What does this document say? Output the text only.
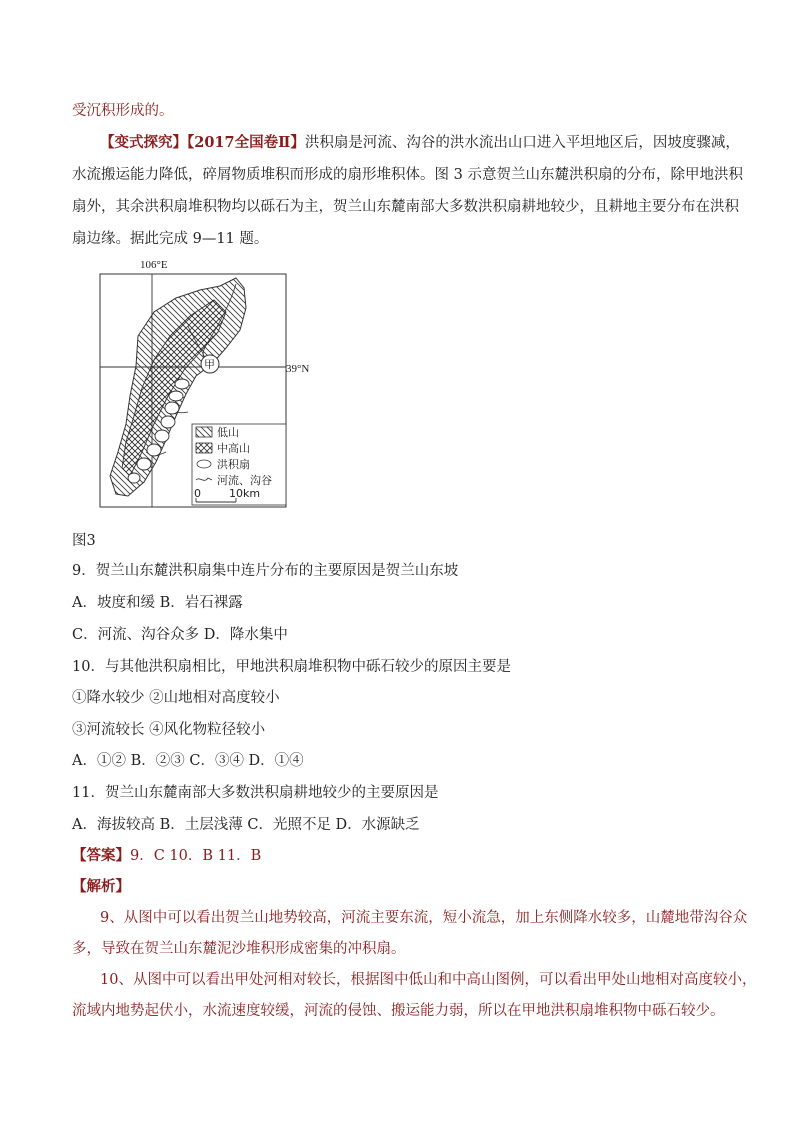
受沉积形成的。
【变式探究】【2017全国卷Ⅱ】洪积扇是河流、沟谷的洪水流出山口进入平坦地区后，因坡度骤减，
水流搬运能力降低，碎屑物质堆积而形成的扇形堆积体。图 3 示意贺兰山东麓洪积扇的分布，除甲地洪积
扇外，其余洪积扇堆积物均以砾石为主，贺兰山东麓南部大多数洪积扇耕地较少，且耕地主要分布在洪积
扇边缘。据此完成 9—11 题。
106°E
39°N
甲
低山
中高山
洪积扇
河流、沟谷
0	10km
图3
9．贺兰山东麓洪积扇集中连片分布的主要原因是贺兰山东坡
A．坡度和缓 B．岩石裸露
C．河流、沟谷众多 D．降水集中
10．与其他洪积扇相比，甲地洪积扇堆积物中砾石较少的原因主要是
①降水较少 ②山地相对高度较小
③河流较长 ④风化物粒径较小
A．①② B．②③ C．③④ D．①④
11．贺兰山东麓南部大多数洪积扇耕地较少的主要原因是
A．海拔较高 B．土层浅薄 C．光照不足 D．水源缺乏
【答案】9．C 10．B 11．B
【解析】
9、从图中可以看出贺兰山地势较高，河流主要东流，短小流急，加上东侧降水较多，山麓地带沟谷众
多，导致在贺兰山东麓泥沙堆积形成密集的冲积扇。
10、从图中可以看出甲处河相对较长，根据图中低山和中高山图例，可以看出甲处山地相对高度较小，
流域内地势起伏小，水流速度较缓，河流的侵蚀、搬运能力弱，所以在甲地洪积扇堆积物中砾石较少。
